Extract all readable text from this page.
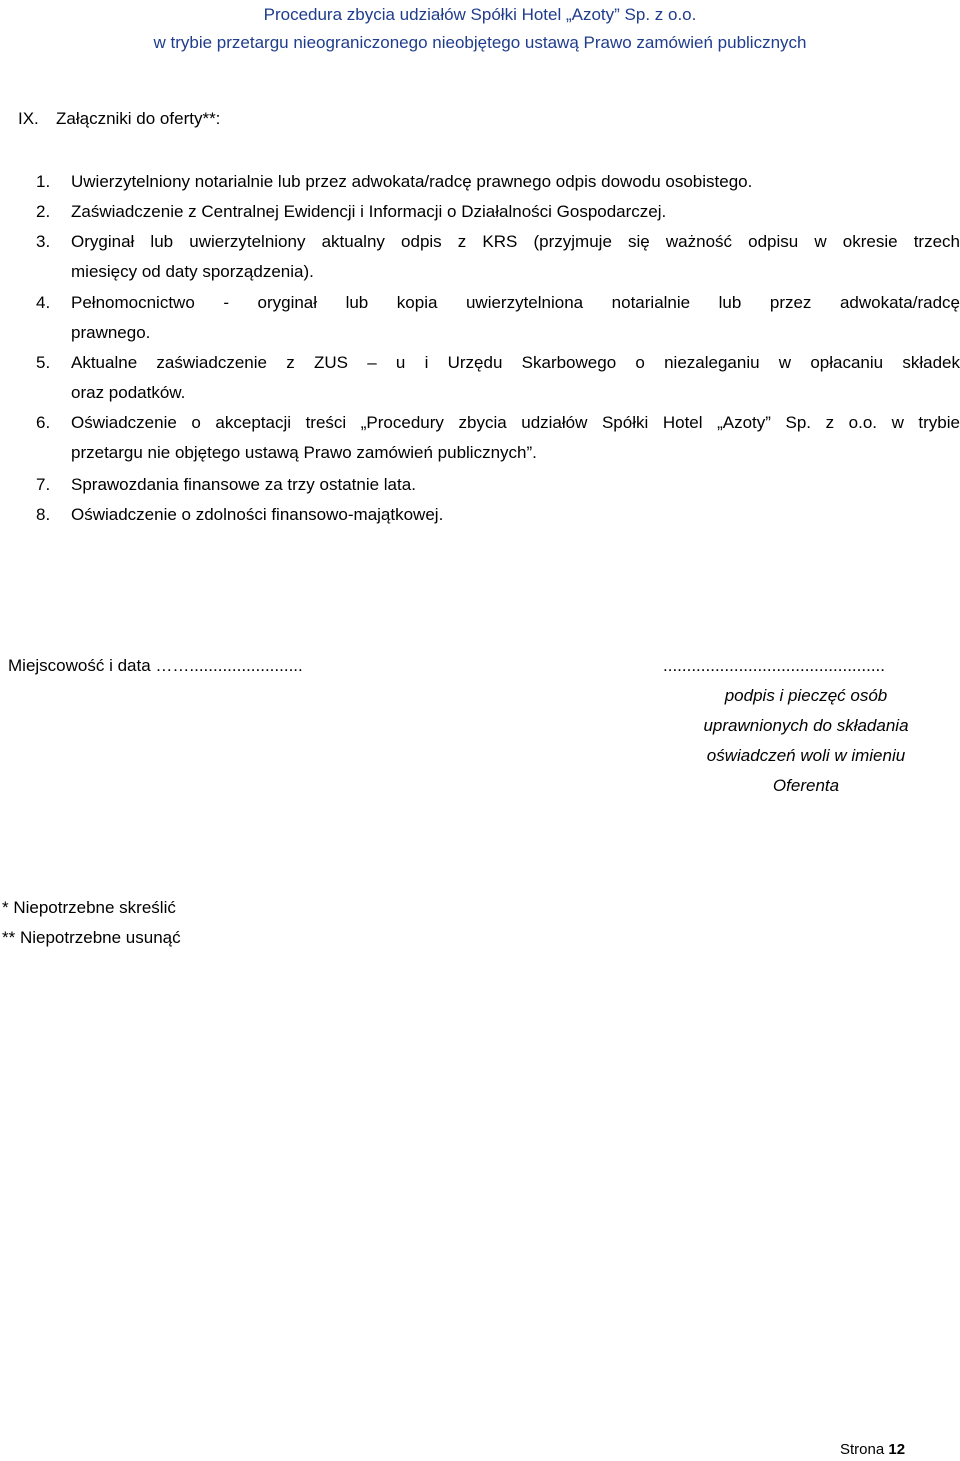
Procedura zbycia udziałów Spółki Hotel „Azoty” Sp. z o.o.
w trybie przetargu nieograniczonego nieobjętego ustawą Prawo zamówień publicznych
IX. Załączniki do oferty**:
1.	Uwierzytelniony notarialnie lub przez adwokata/radcę prawnego odpis dowodu osobistego.
2.	Zaświadczenie z Centralnej Ewidencji i Informacji o Działalności Gospodarczej.
3.	Oryginał lub uwierzytelniony aktualny odpis z KRS (przyjmuje się ważność odpisu w okresie trzech
miesięcy od daty sporządzenia).
4.	Pełnomocnictwo - oryginał lub kopia uwierzytelniona notarialnie lub przez adwokata/radcę
prawnego.
5.	Aktualne zaświadczenie z ZUS – u i Urzędu Skarbowego o niezaleganiu w opłacaniu składek
oraz podatków.
6.	Oświadczenie o akceptacji treści „Procedury zbycia udziałów Spółki Hotel „Azoty” Sp. z o.o. w trybie
przetargu nie objętego ustawą Prawo zamówień publicznych”.
7.	Sprawozdania finansowe za trzy ostatnie lata.
8.	Oświadczenie o zdolności finansowo-majątkowej.
Miejscowość i data ……........................	...............................................
podpis i pieczęć osób
uprawnionych do składania
oświadczeń woli w imieniu
Oferenta
* Niepotrzebne skreślić
** Niepotrzebne usunąć
Strona 12
